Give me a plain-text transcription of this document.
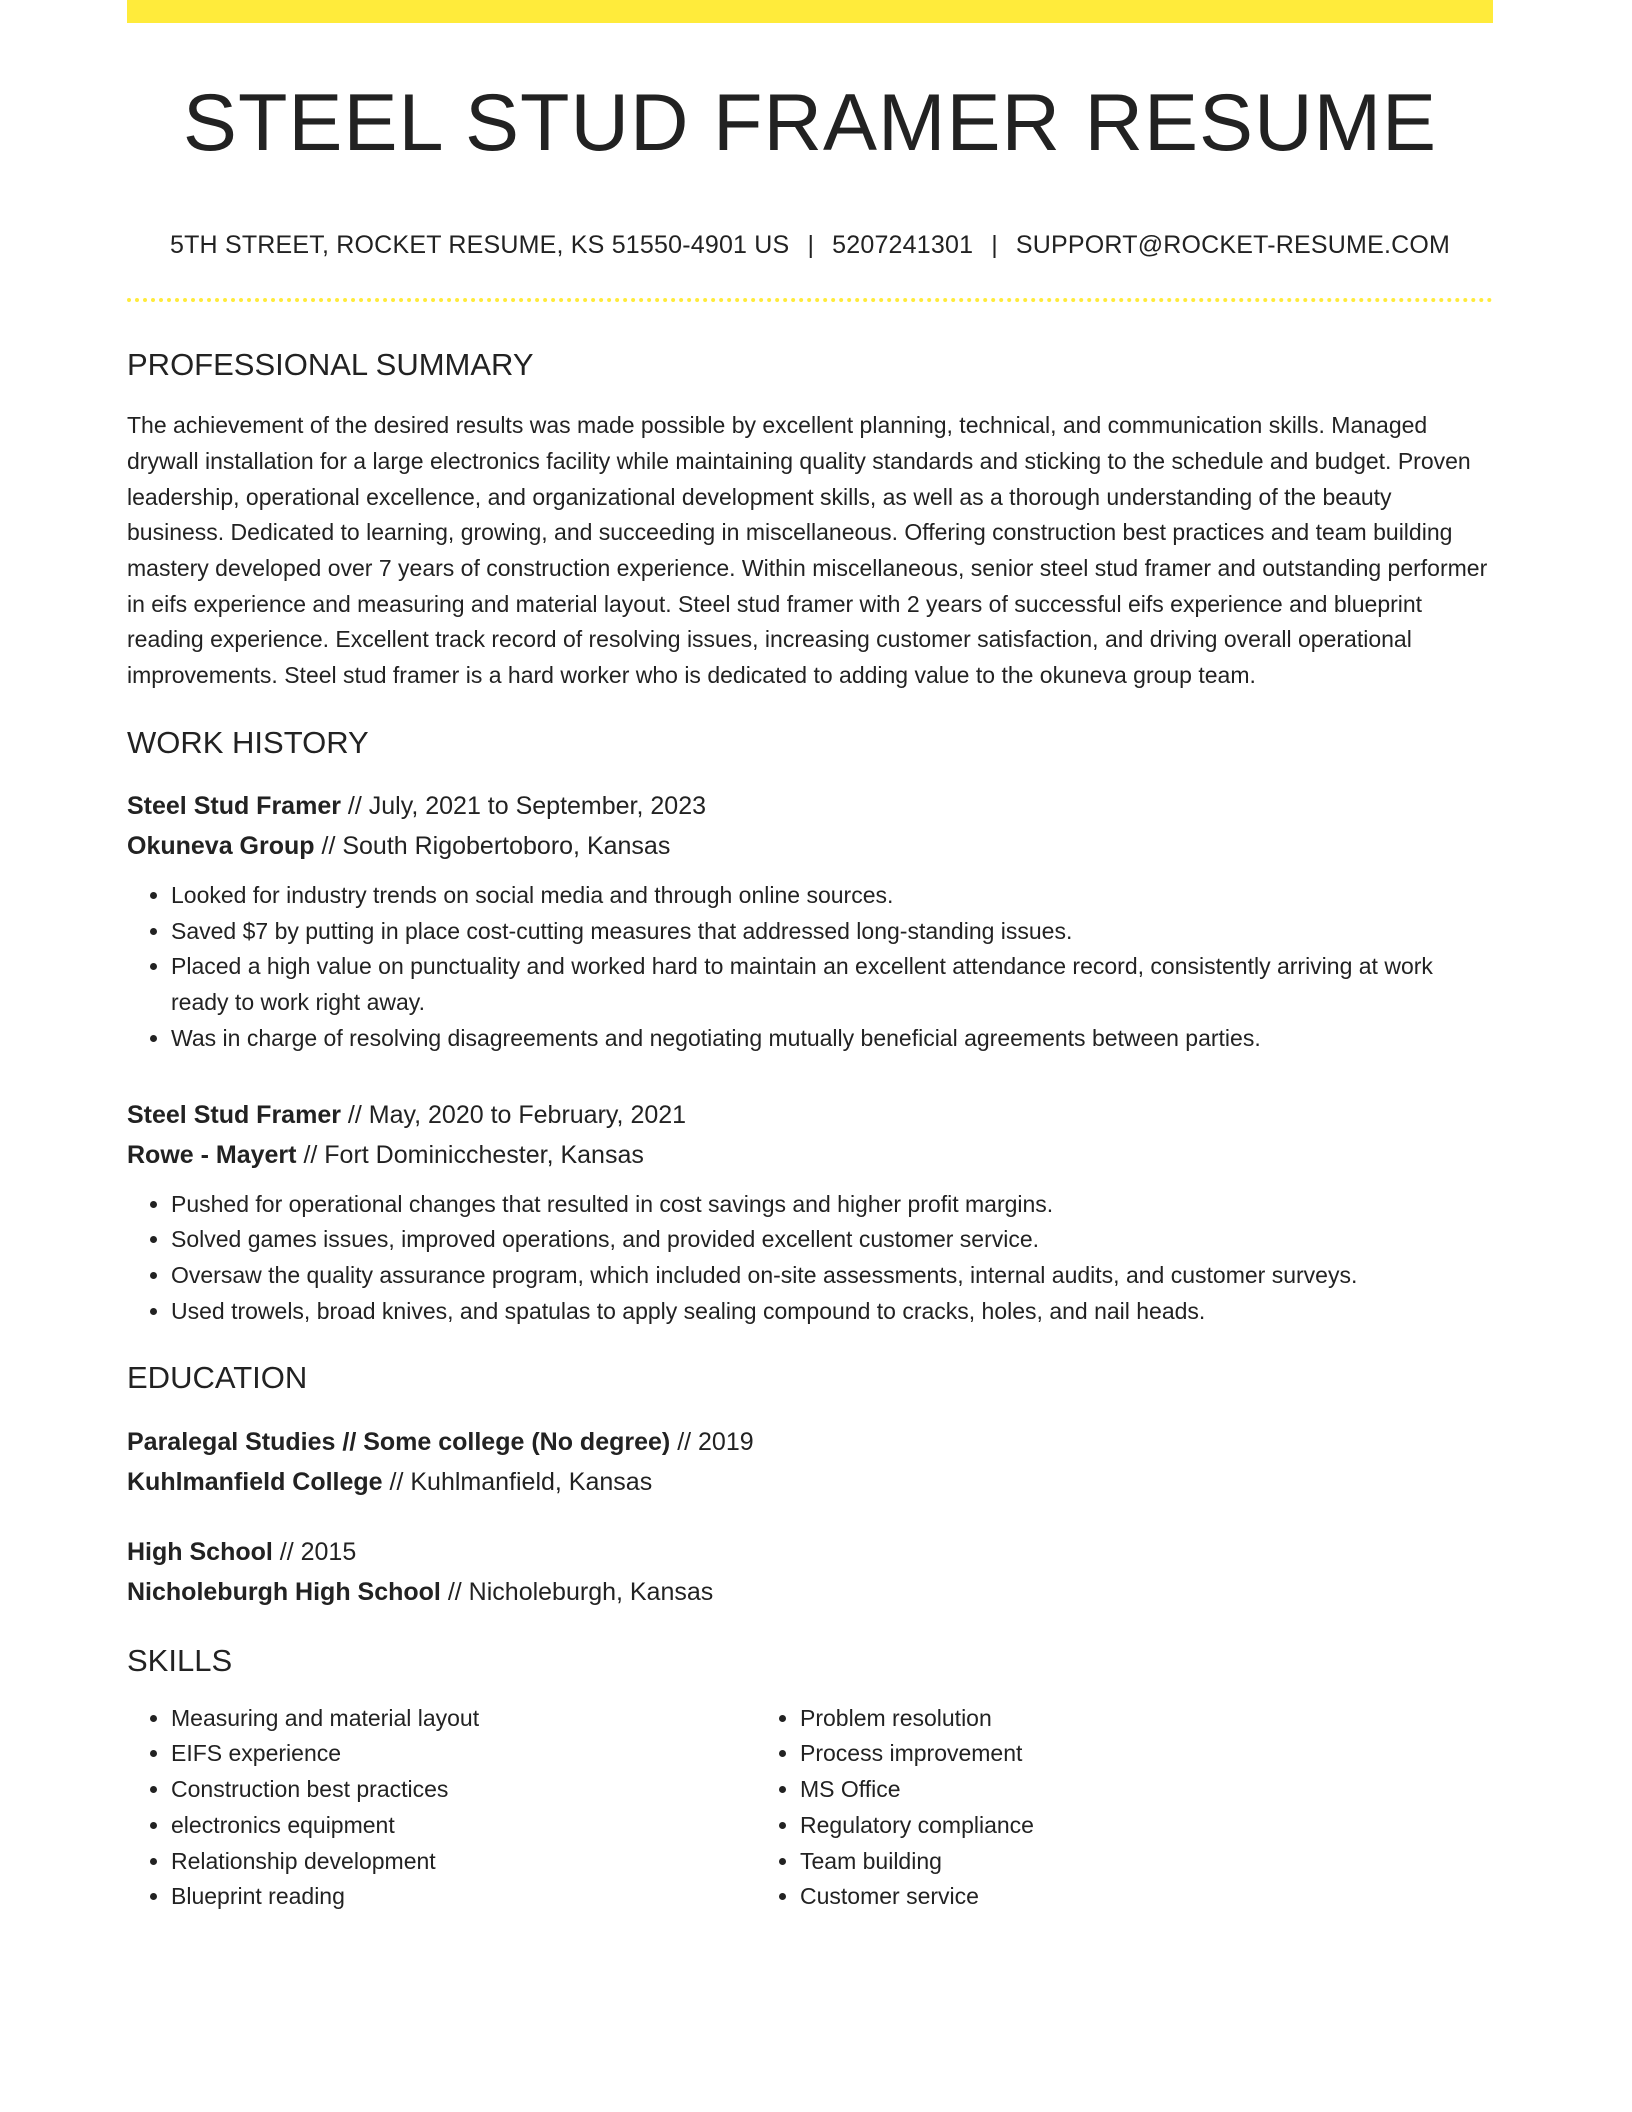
STEEL STUD FRAMER RESUME
5TH STREET, ROCKET RESUME, KS 51550-4901 US | 5207241301 | SUPPORT@ROCKET-RESUME.COM
PROFESSIONAL SUMMARY

The achievement of the desired results was made possible by excellent planning, technical, and communication skills. Managed drywall installation for a large electronics facility while maintaining quality standards and sticking to the schedule and budget. Proven leadership, operational excellence, and organizational development skills, as well as a thorough understanding of the beauty business. Dedicated to learning, growing, and succeeding in miscellaneous. Offering construction best practices and team building mastery developed over 7 years of construction experience. Within miscellaneous, senior steel stud framer and outstanding performer in eifs experience and measuring and material layout. Steel stud framer with 2 years of successful eifs experience and blueprint reading experience. Excellent track record of resolving issues, increasing customer satisfaction, and driving overall operational improvements. Steel stud framer is a hard worker who is dedicated to adding value to the okuneva group team.

WORK HISTORY
Steel Stud Framer // July, 2021 to September, 2023
Okuneva Group // South Rigobertoboro, Kansas
• Looked for industry trends on social media and through online sources.
• Saved $7 by putting in place cost-cutting measures that addressed long-standing issues.
• Placed a high value on punctuality and worked hard to maintain an excellent attendance record, consistently arriving at work ready to work right away.
• Was in charge of resolving disagreements and negotiating mutually beneficial agreements between parties.
Steel Stud Framer // May, 2020 to February, 2021
Rowe - Mayert // Fort Dominicchester, Kansas
• Pushed for operational changes that resulted in cost savings and higher profit margins.
• Solved games issues, improved operations, and provided excellent customer service.
• Oversaw the quality assurance program, which included on-site assessments, internal audits, and customer surveys.
• Used trowels, broad knives, and spatulas to apply sealing compound to cracks, holes, and nail heads.
EDUCATION
Paralegal Studies // Some college (No degree) // 2019
Kuhlmanfield College // Kuhlmanfield, Kansas
High School // 2015
Nicholeburgh High School // Nicholeburgh, Kansas
SKILLS
• Measuring and material layout
• EIFS experience
• Construction best practices
• electronics equipment
• Relationship development
• Blueprint reading
• Problem resolution
• Process improvement
• MS Office
• Regulatory compliance
• Team building
• Customer service
